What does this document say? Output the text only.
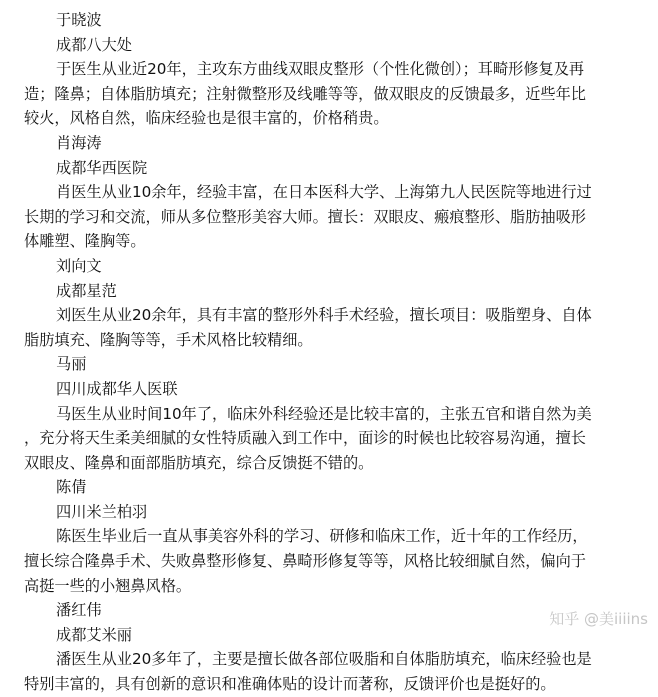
于晓波

成都八大处

于医生从业近20年，主攻东方曲线双眼皮整形（个性化微创）；耳畸形修复及再

造；隆鼻；自体脂肪填充；注射微整形及线雕等等，做双眼皮的反馈最多，近些年比

较火，风格自然，临床经验也是很丰富的，价格稍贵。

肖海涛

成都华西医院

肖医生从业10余年，经验丰富，在日本医科大学、上海第九人民医院等地进行过

长期的学习和交流，师从多位整形美容大师。擅长：双眼皮、瘢痕整形、脂肪抽吸形

体雕塑、隆胸等。

刘向文

成都星范

刘医生从业20余年，具有丰富的整形外科手术经验，擅长项目：吸脂塑身、自体

脂肪填充、隆胸等等，手术风格比较精细。

马丽

四川成都华人医联

马医生从业时间10年了，临床外科经验还是比较丰富的，主张五官和谐自然为美

，充分将天生柔美细腻的女性特质融入到工作中，面诊的时候也比较容易沟通，擅长

双眼皮、隆鼻和面部脂肪填充，综合反馈挺不错的。

陈倩

四川米兰柏羽

陈医生毕业后一直从事美容外科的学习、研修和临床工作，近十年的工作经历，

擅长综合隆鼻手术、失败鼻整形修复、鼻畸形修复等等，风格比较细腻自然，偏向于

高挺一些的小翘鼻风格。

潘红伟

成都艾米丽

潘医生从业20多年了，主要是擅长做各部位吸脂和自体脂肪填充，临床经验也是

特别丰富的，具有创新的意识和准确体贴的设计而著称，反馈评价也是挺好的。

知乎 @美iiiins
